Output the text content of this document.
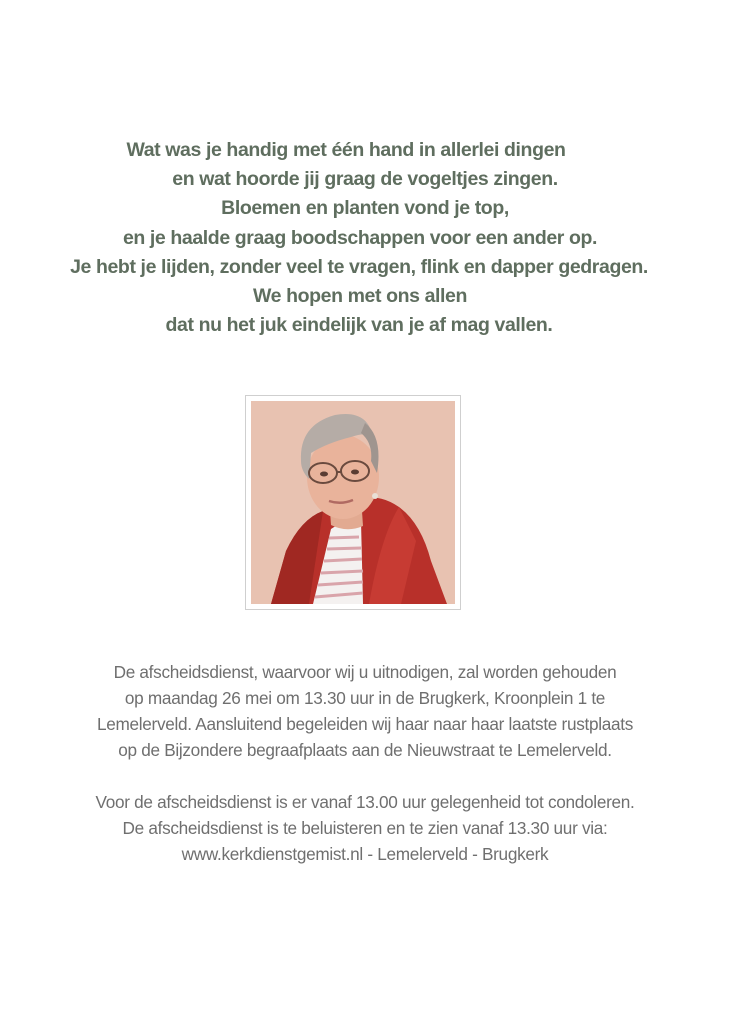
Wat was je handig met één hand in allerlei dingen
en wat hoorde jij graag de vogeltjes zingen.
Bloemen en planten vond je top,
en je haalde graag boodschappen voor een ander op.
Je hebt je lijden, zonder veel te vragen, flink en dapper gedragen.
We hopen met ons allen
dat nu het juk eindelijk van je af mag vallen.
De afscheidsdienst, waarvoor wij u uitnodigen, zal worden gehouden
op maandag 26 mei om 13.30 uur in de Brugkerk, Kroonplein 1 te
Lemelerveld. Aansluitend begeleiden wij haar naar haar laatste rustplaats
op de Bijzondere begraafplaats aan de Nieuwstraat te Lemelerveld.
Voor de afscheidsdienst is er vanaf 13.00 uur gelegenheid tot condoleren.
De afscheidsdienst is te beluisteren en te zien vanaf 13.30 uur via:
www.kerkdienstgemist.nl - Lemelerveld - Brugkerk
